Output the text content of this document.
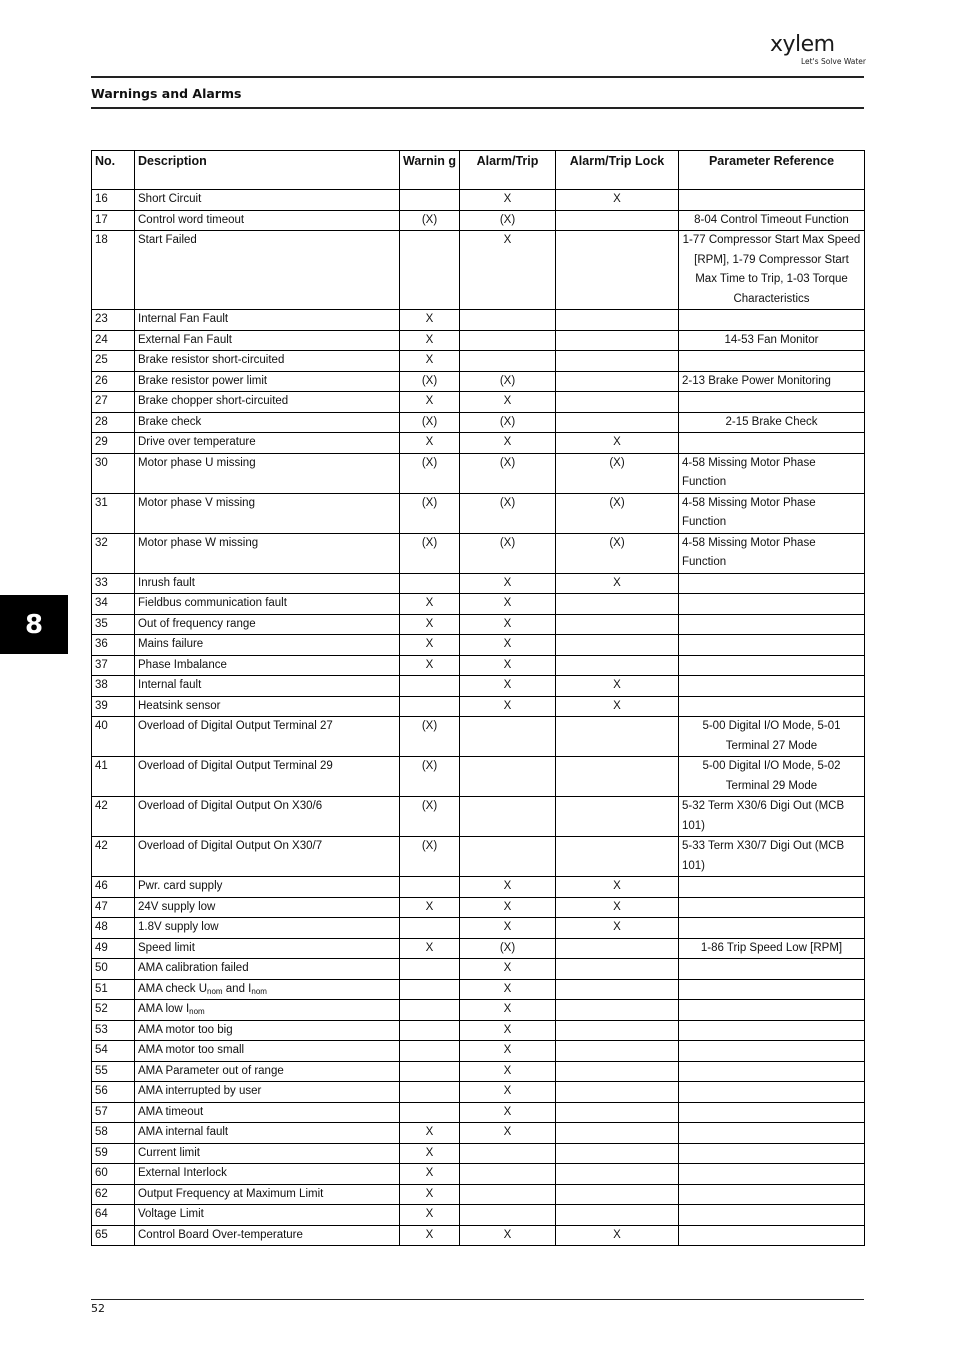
xylem
Let's Solve Water
Warnings and Alarms
8
No.	Description	Warnin g	Alarm/Trip	Alarm/Trip Lock	Parameter Reference
16	Short Circuit		X	X	
17	Control word timeout	(X)	(X)		8-04 Control Timeout Function
18	Start Failed		X		1-77 Compressor Start Max Speed [RPM], 1-79 Compressor Start Max Time to Trip, 1-03 Torque Characteristics
23	Internal Fan Fault	X			
24	External Fan Fault	X			14-53 Fan Monitor
25	Brake resistor short-circuited	X			
26	Brake resistor power limit	(X)	(X)		2-13 Brake Power Monitoring
27	Brake chopper short-circuited	X	X		
28	Brake check	(X)	(X)		2-15 Brake Check
29	Drive over temperature	X	X	X	
30	Motor phase U missing	(X)	(X)	(X)	4-58 Missing Motor Phase Function
31	Motor phase V missing	(X)	(X)	(X)	4-58 Missing Motor Phase Function
32	Motor phase W missing	(X)	(X)	(X)	4-58 Missing Motor Phase Function
33	Inrush fault		X	X	
34	Fieldbus communication fault	X	X		
35	Out of frequency range	X	X		
36	Mains failure	X	X		
37	Phase Imbalance	X	X		
38	Internal fault		X	X	
39	Heatsink sensor		X	X	
40	Overload of Digital Output Terminal 27	(X)			5-00 Digital I/O Mode, 5-01 Terminal 27 Mode
41	Overload of Digital Output Terminal 29	(X)			5-00 Digital I/O Mode, 5-02 Terminal 29 Mode
42	Overload of Digital Output On X30/6	(X)			5-32 Term X30/6 Digi Out (MCB 101)
42	Overload of Digital Output On X30/7	(X)			5-33 Term X30/7 Digi Out (MCB 101)
46	Pwr. card supply		X	X	
47	24V supply low	X	X	X	
48	1.8V supply low		X	X	
49	Speed limit	X	(X)		1-86 Trip Speed Low [RPM]
50	AMA calibration failed		X		
51	AMA check $U_{nom}$ and $I_{nom}$		X		
52	AMA low $I_{nom}$		X		
53	AMA motor too big		X		
54	AMA motor too small		X		
55	AMA Parameter out of range		X		
56	AMA interrupted by user		X		
57	AMA timeout		X		
58	AMA internal fault	X	X		
59	Current limit	X			
60	External Interlock	X			
62	Output Frequency at Maximum Limit	X			
64	Voltage Limit	X			
65	Control Board Over-temperature	X	X	X	
52
